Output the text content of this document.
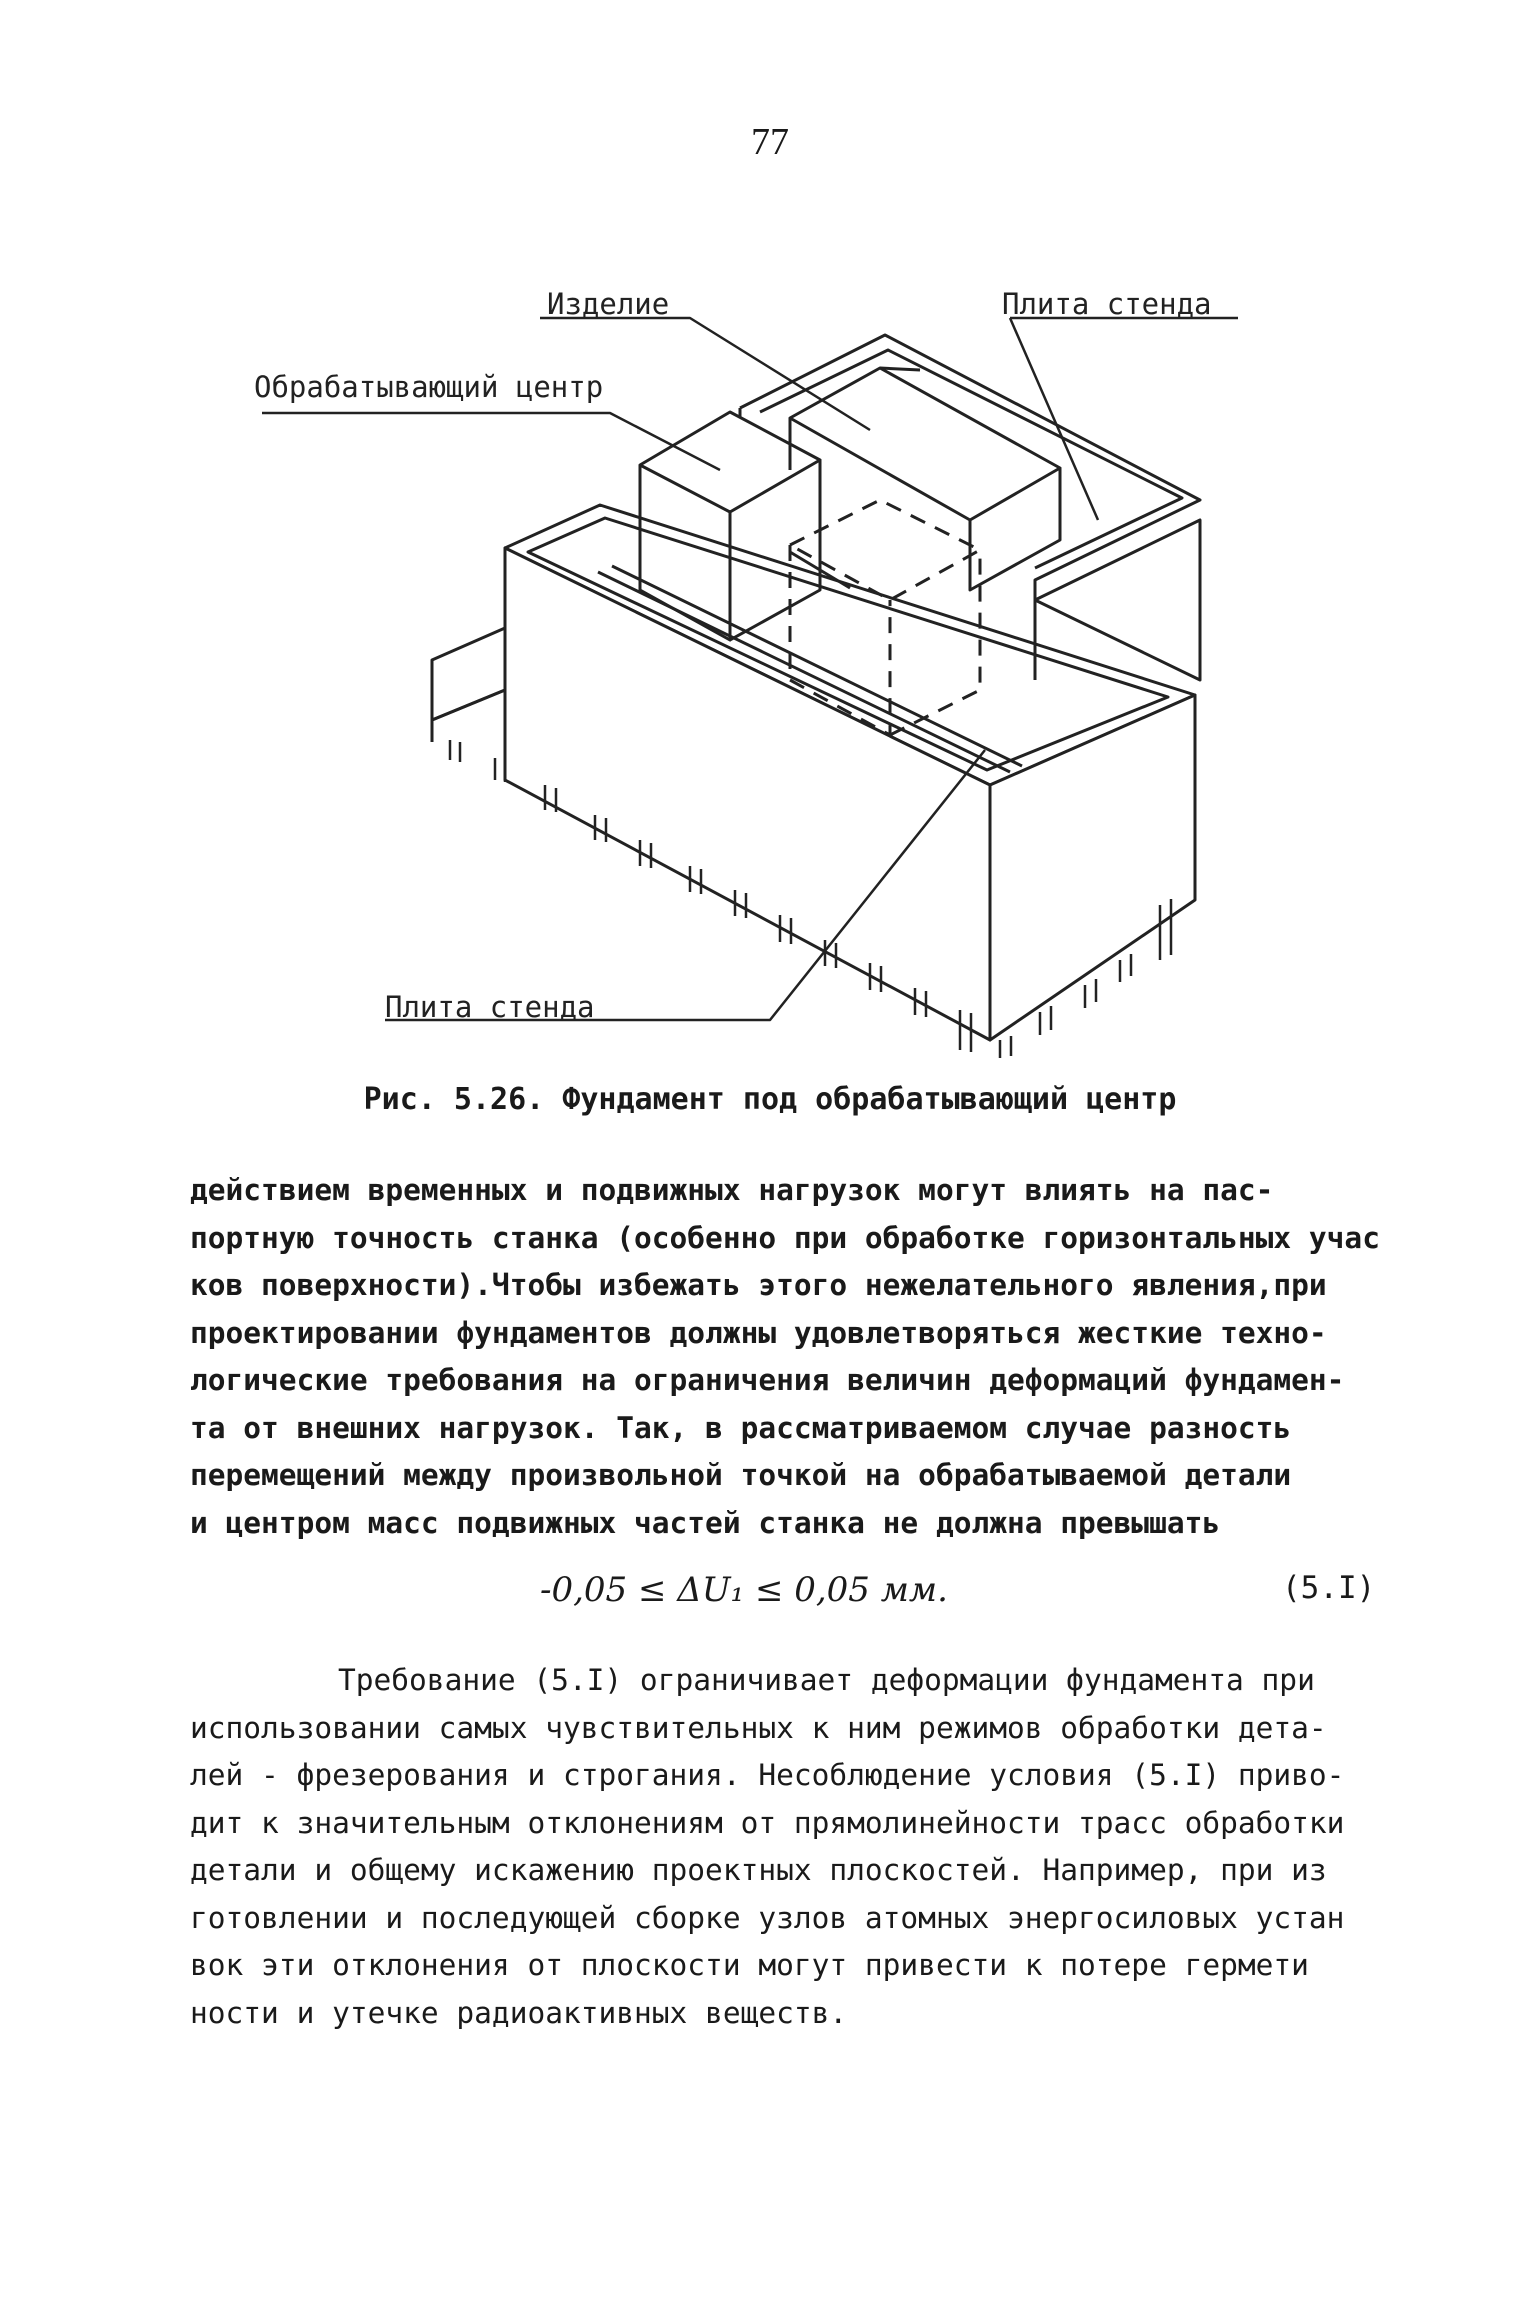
77
Изделие	Плита стенда
Обрабатывающий центр
Плита стенда
Рис. 5.26. Фундамент под обрабатывающий центр
действием временных и подвижных нагрузок могут влиять на пас-
портную точность станка (особенно при обработке горизонтальных учас
ков поверхности).Чтобы избежать этого нежелательного явления,при
проектировании фундаментов должны удовлетворяться жесткие техно-
логические требования на ограничения величин деформаций фундамен-
та от внешних нагрузок. Так, в рассматриваемом случае разность
перемещений между произвольной точкой на обрабатываемой детали
и центром масс подвижных частей станка не должна превышать
-0,05 ≤ ΔU₁ ≤ 0,05 мм.	(5.I)
Требование (5.I) ограничивает деформации фундамента при
использовании самых чувствительных к ним режимов обработки дета-
лей - фрезерования и строгания. Несоблюдение условия (5.I) приво-
дит к значительным отклонениям от прямолинейности трасс обработки
детали и общему искажению проектных плоскостей. Например, при из
готовлении и последующей сборке узлов атомных энергосиловых устан
вок эти отклонения от плоскости могут привести к потере гермети
ности и утечке радиоактивных веществ.
